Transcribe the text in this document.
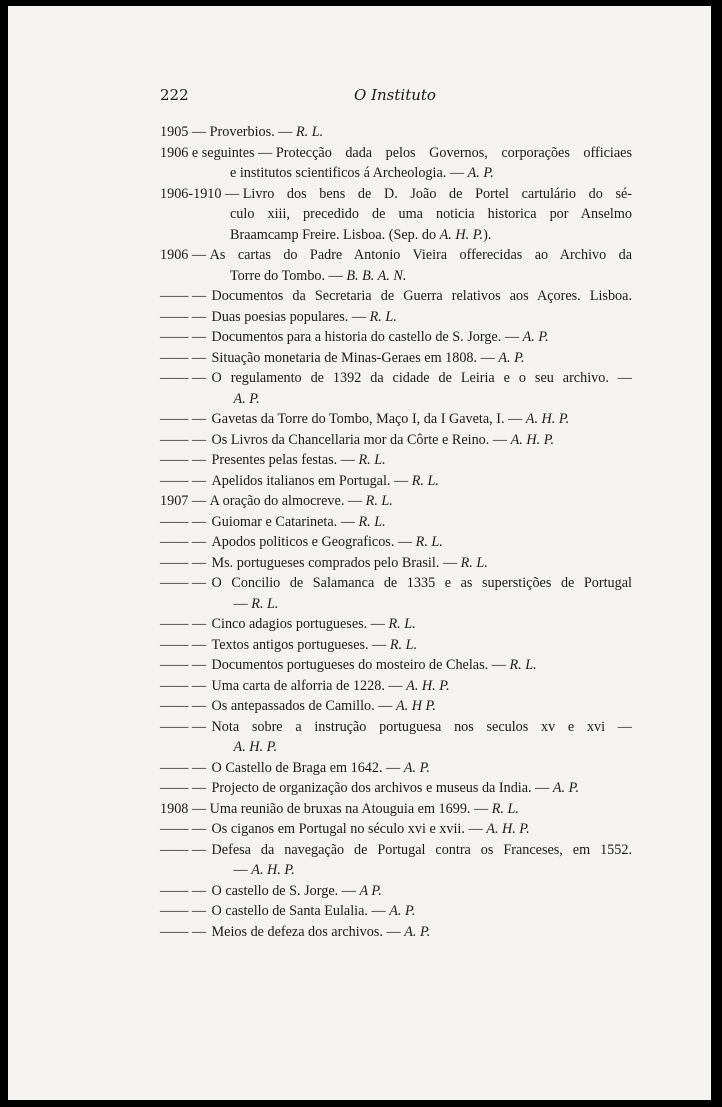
222	O Instituto
1905 —
Proverbios. — R. L.
1906 e seguintes —
Protecção dada pelos Governos, corporações officiaes
e institutos scientificos á Archeologia. — A. P.
1906-1910 —
Livro dos bens de D. João de Portel cartulário do sé-
culo xiii, precedido de uma noticia historica por Anselmo
Braamcamp Freire. Lisboa. (Sep. do A. H. P.).
1906 —
As cartas do Padre Antonio Vieira offerecidas ao Archivo da
Torre do Tombo. — B. B. A. N.
—— —
Documentos da Secretaria de Guerra relativos aos Açores. Lisboa.
—— —
Duas poesias populares. — R. L.
—— —
Documentos para a historia do castello de S. Jorge. — A. P.
—— —
Situação monetaria de Minas-Geraes em 1808. — A. P.
—— —
O regulamento de 1392 da cidade de Leiria e o seu archivo. —
A. P.
—— —
Gavetas da Torre do Tombo, Maço I, da I Gaveta, I. — A. H. P.
—— —
Os Livros da Chancellaria mor da Côrte e Reino. — A. H. P.
—— —
Presentes pelas festas. — R. L.
—— —
Apelidos italianos em Portugal. — R. L.
1907 —
A oração do almocreve. — R. L.
—— —
Guiomar e Catarineta. — R. L.
—— —
Apodos politicos e Geograficos. — R. L.
—— —
Ms. portugueses comprados pelo Brasil. — R. L.
—— —
O Concilio de Salamanca de 1335 e as superstições de Portugal
— R. L.
—— —
Cinco adagios portugueses. — R. L.
—— —
Textos antigos portugueses. — R. L.
—— —
Documentos portugueses do mosteiro de Chelas. — R. L.
—— —
Uma carta de alforria de 1228. — A. H. P.
—— —
Os antepassados de Camillo. — A. H P.
—— —
Nota sobre a instrução portuguesa nos seculos xv e xvi —
A. H. P.
—— —
O Castello de Braga em 1642. — A. P.
—— —
Projecto de organização dos archivos e museus da India. — A. P.
1908 —
Uma reunião de bruxas na Atouguia em 1699. — R. L.
—— —
Os ciganos em Portugal no século xvi e xvii. — A. H. P.
—— —
Defesa da navegação de Portugal contra os Franceses, em 1552.
— A. H. P.
—— —
O castello de S. Jorge. — A P.
—— —
O castello de Santa Eulalia. — A. P.
—— —
Meios de defeza dos archivos. — A. P.
